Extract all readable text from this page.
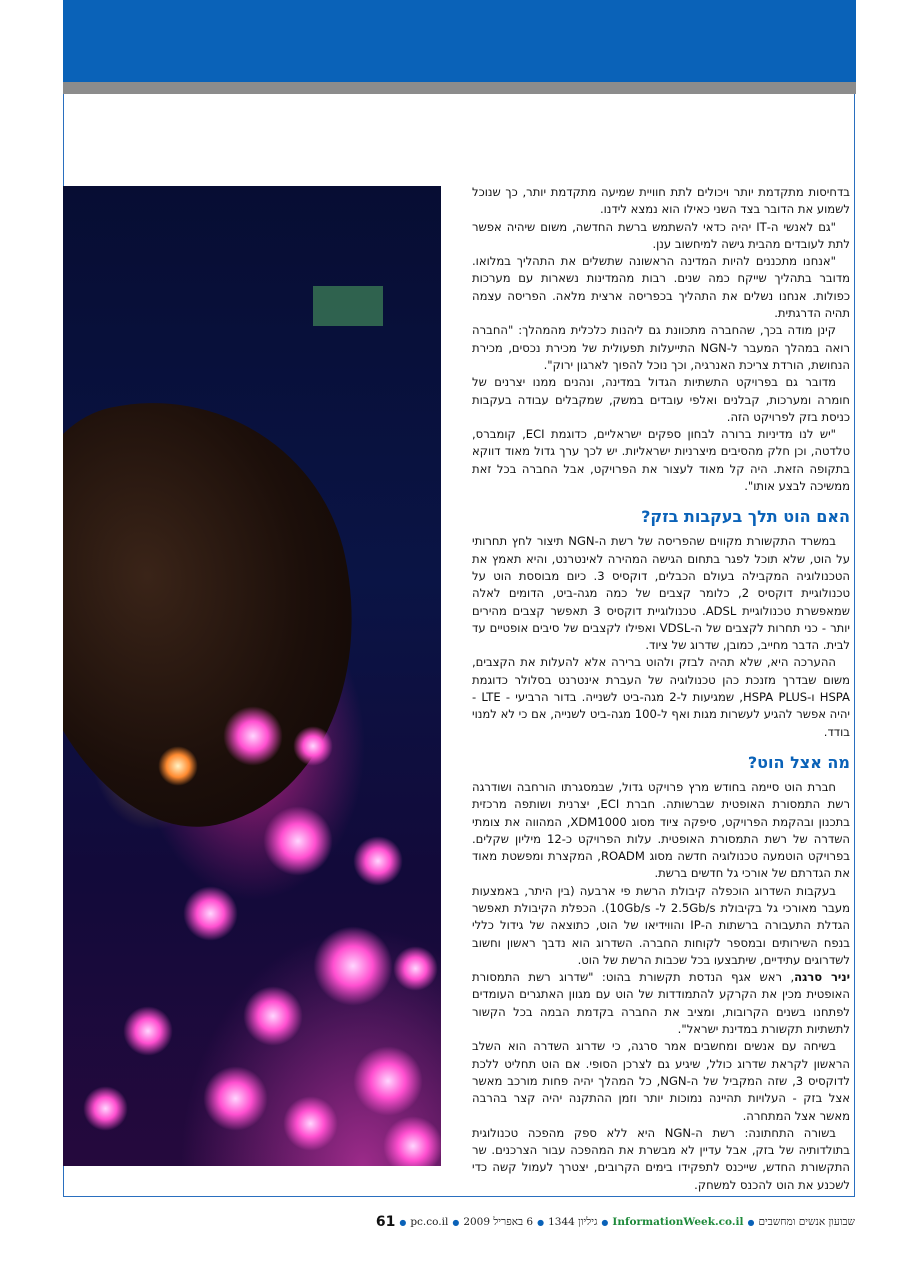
בדחיסות מתקדמת יותר ויכולים לתת חוויית שמיעה מתקדמת יותר, כך שנוכל לשמוע את הדובר בצד השני כאילו הוא נמצא לידנו.

"גם לאנשי ה-IT יהיה כדאי להשתמש ברשת החדשה, משום שיהיה אפשר לתת לעובדים מהבית גישה למיחשוב ענן.

"אנחנו מתכננים להיות המדינה הראשונה שתשלים את התהליך במלואו. מדובר בתהליך שייקח כמה שנים. רבות מהמדינות נשארות עם מערכות כפולות. אנחנו נשלים את התהליך בכפריסה ארצית מלאה. הפריסה עצמה תהיה הדרגתית.

קינן מודה בכך, שהחברה מתכוונת גם ליהנות כלכלית מהמהלך: "החברה רואה במהלך המעבר ל-NGN התייעלות תפעולית של מכירת נכסים, מכירת הנחושת, הורדת צריכת האנרגיה, וכך נוכל להפוך לארגון ירוק".

מדובר גם בפרויקט התשתיות הגדול במדינה, ונהנים ממנו יצרנים של חומרה ומערכות, קבלנים ואלפי עובדים במשק, שמקבלים עבודה בעקבות כניסת בזק לפרויקט הזה.

"יש לנו מדיניות ברורה לבחון ספקים ישראליים, כדוגמת ECI, קומברס, טלדטה, וכן חלק מהסיבים מיצרניות ישראליות. יש לכך ערך גדול מאוד דווקא בתקופה הזאת. היה קל מאוד לעצור את הפרויקט, אבל החברה בכל זאת ממשיכה לבצע אותו".

האם הוט תלך בעקבות בזק?

במשרד התקשורת מקווים שהפריסה של רשת ה-NGN תיצור לחץ תחרותי על הוט, שלא תוכל לפגר בתחום הגישה המהירה לאינטרנט, והיא תאמץ את הטכנולוגיה המקבילה בעולם הכבלים, דוקסיס 3. כיום מבוססת הוט על טכנולוגיית דוקסיס 2, כלומר קצבים של כמה מגה-ביט, הדומים לאלה שמאפשרת טכנולוגיית ADSL. טכנולוגיית דוקסיס 3 תאפשר קצבים מהירים יותר - כני תחרות לקצבים של ה-VDSL ואפילו לקצבים של סיבים אופטיים עד לבית. הדבר מחייב, כמובן, שדרוג של ציוד.

ההערכה היא, שלא תהיה לבזק ולהוט ברירה אלא להעלות את הקצבים, משום שבדרך מזנכת כהן טכנולוגיה של העברת אינטרנט בסלולר כדוגמת HSPA ו-HSPA PLUS, שמגיעות ל-2 מגה-ביט לשנייה. בדור הרביעי - LTE - יהיה אפשר להגיע לעשרות מגות ואף ל-100 מגה-ביט לשנייה, אם כי לא למנוי בודד.

מה אצל הוט?

חברת הוט סיימה בחודש מרץ פרויקט גדול, שבמסגרתו הורחבה ושודרגה רשת התמסורת האופטית שברשותה. חברת ECI, יצרנית ושותפה מרכזית בתכנון ובהקמת הפרויקט, סיפקה ציוד מסוג XDM1000, המהווה את צומתי השדרה של רשת התמסורת האופטית. עלות הפרויקט כ-12 מיליון שקלים. בפרויקט הוטמעה טכנולוגיה חדשה מסוג ROADM, המקצרת ומפשטת מאוד את הגדרתם של אורכי גל חדשים ברשת.

בעקבות השדרוג הוכפלה קיבולת הרשת פי ארבעה (בין היתר, באמצעות מעבר מאורכי גל בקיבולת 2.5Gb/s ל- 10Gb/s). הכפלת הקיבולת תאפשר הגדלת התעבורה ברשתות ה-IP והווידיאו של הוט, כתוצאה של גידול כללי בנפח השירותים ובמספר לקוחות החברה. השדרוג הוא נדבך ראשון וחשוב לשדרוגים עתידיים, שיתבצעו בכל שכבות הרשת של הוט.

יניר סרגה, ראש אגף הנדסת תקשורת בהוט: "שדרוג רשת התמסורת האופטית מכין את הקרקע להתמודדות של הוט עם מגוון האתגרים העומדים לפתחנו בשנים הקרובות, ומציב את החברה בקדמת הבמה בכל הקשור לתשתיות תקשורת במדינת ישראל".

בשיחה עם אנשים ומחשבים אמר סרגה, כי שדרוג השדרה הוא השלב הראשון לקראת שדרוג כולל, שיגיע גם לצרכן הסופי. אם הוט תחליט ללכת לדוקסיס 3, שזה המקביל של ה-NGN, כל המהלך יהיה פחות מורכב מאשר אצל בזק - העלויות תהיינה נמוכות יותר וזמן ההתקנה יהיה קצר בהרבה מאשר אצל המתחרה.

בשורה התחתונה: רשת ה-NGN היא ללא ספק מהפכה טכנולוגית בתולדותיה של בזק, אבל עדיין לא מבשרת את המהפכה עבור הצרכנים. שר התקשורת החדש, שייכנס לתפקידו בימים הקרובים, יצטרך לעמול קשה כדי לשכנע את הוט להכנס למשחק.

שבועון אנשים ומחשבים
●
InformationWeek.co.il
●
גיליון 1344
●
6 באפריל 2009
●
pc.co.il
●
61
